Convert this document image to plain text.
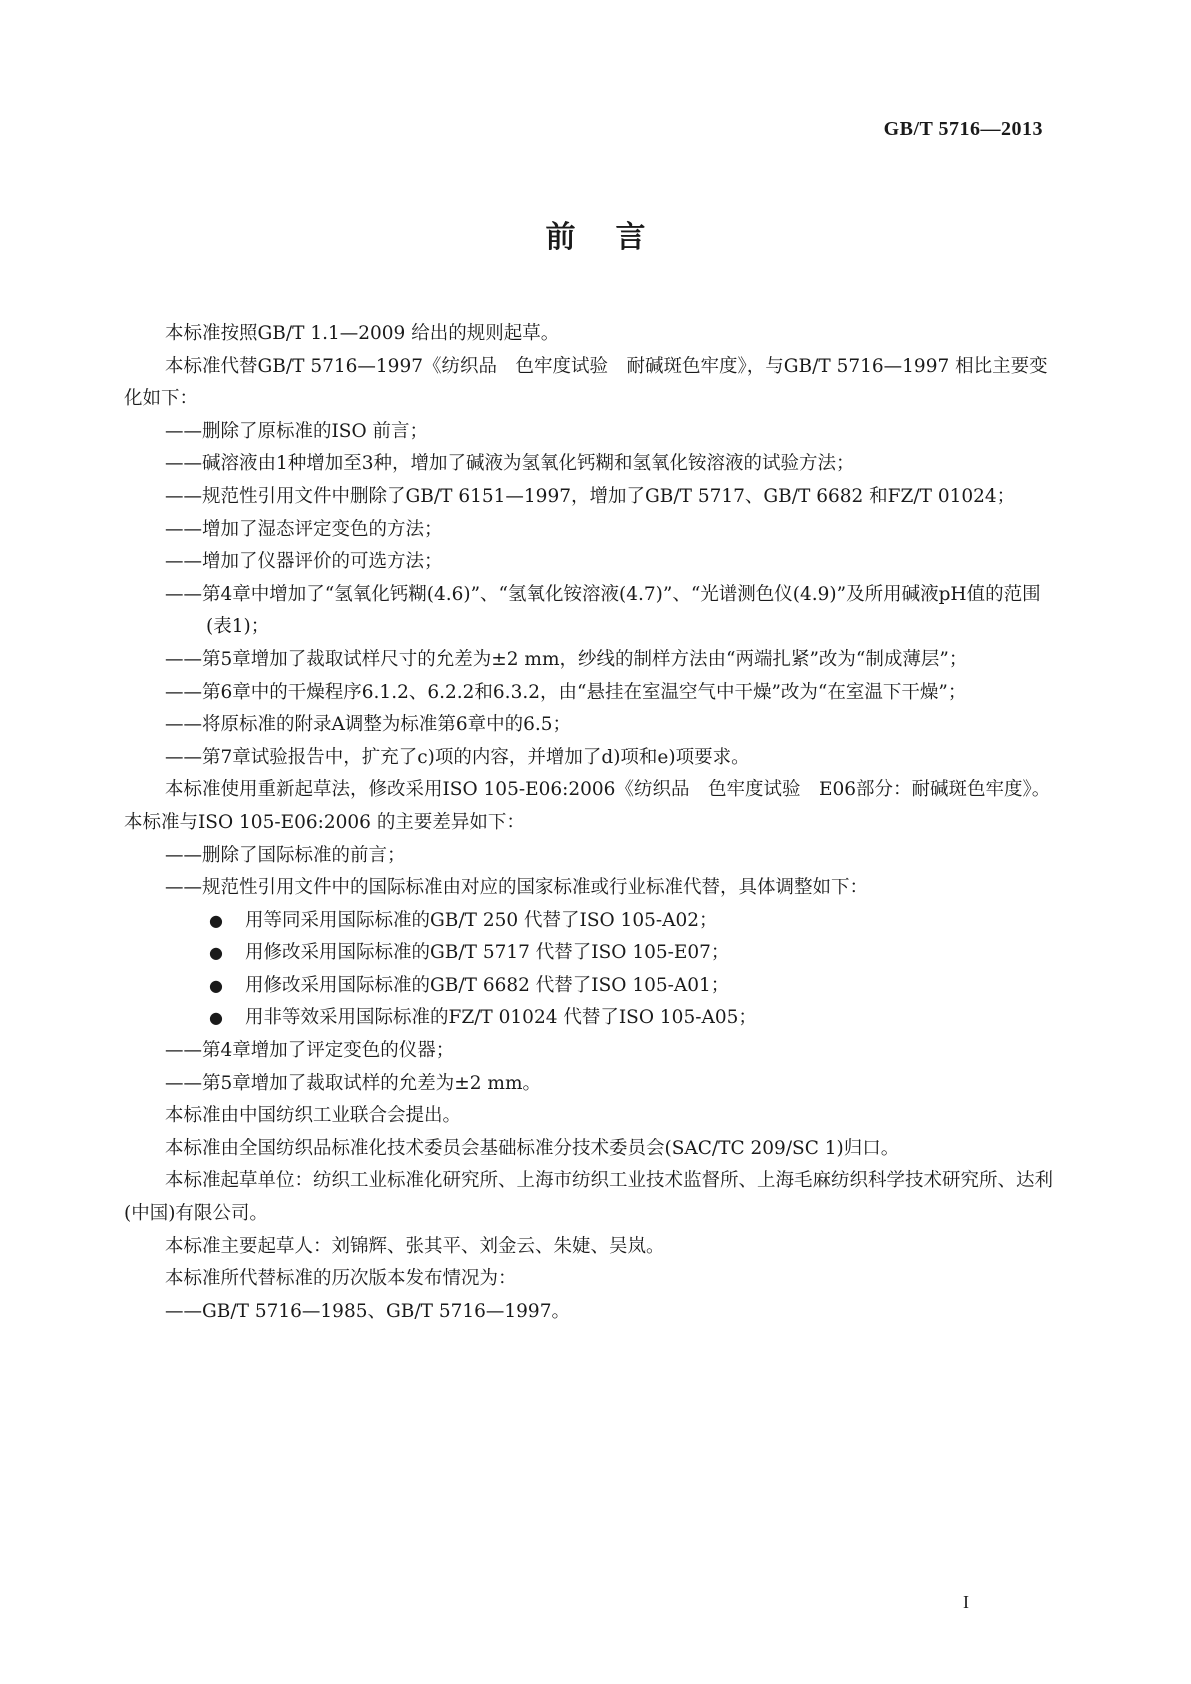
GB/T 5716—2013
前言

本标准按照GB/T 1.1—2009 给出的规则起草。

本标准代替GB/T 5716—1997《纺织品　色牢度试验　耐碱斑色牢度》，与GB/T 5716—1997 相比主要变化如下：

——删除了原标准的ISO 前言；

——碱溶液由1种增加至3种，增加了碱液为氢氧化钙糊和氢氧化铵溶液的试验方法；

——规范性引用文件中删除了GB/T 6151—1997，增加了GB/T 5717、GB/T 6682 和FZ/T 01024；

——增加了湿态评定变色的方法；

——增加了仪器评价的可选方法；

——第4章中增加了“氢氧化钙糊(4.6)”、“氢氧化铵溶液(4.7)”、“光谱测色仪(4.9)”及所用碱液pH值的范围(表1)；

——第5章增加了裁取试样尺寸的允差为±2 mm，纱线的制样方法由“两端扎紧”改为“制成薄层”；

——第6章中的干燥程序6.1.2、6.2.2和6.3.2，由“悬挂在室温空气中干燥”改为“在室温下干燥”；

——将原标准的附录A调整为标准第6章中的6.5；

——第7章试验报告中，扩充了c)项的内容，并增加了d)项和e)项要求。

本标准使用重新起草法，修改采用ISO 105-E06:2006《纺织品　色牢度试验　E06部分：耐碱斑色牢度》。本标准与ISO 105-E06:2006 的主要差异如下：

——删除了国际标准的前言；

——规范性引用文件中的国际标准由对应的国家标准或行业标准代替，具体调整如下：

● 用等同采用国际标准的GB/T 250 代替了ISO 105-A02；

● 用修改采用国际标准的GB/T 5717 代替了ISO 105-E07；

● 用修改采用国际标准的GB/T 6682 代替了ISO 105-A01；

● 用非等效采用国际标准的FZ/T 01024 代替了ISO 105-A05；

——第4章增加了评定变色的仪器；

——第5章增加了裁取试样的允差为±2 mm。

本标准由中国纺织工业联合会提出。

本标准由全国纺织品标准化技术委员会基础标准分技术委员会(SAC/TC 209/SC 1)归口。

本标准起草单位：纺织工业标准化研究所、上海市纺织工业技术监督所、上海毛麻纺织科学技术研究所、达利(中国)有限公司。

本标准主要起草人：刘锦辉、张其平、刘金云、朱婕、吴岚。

本标准所代替标准的历次版本发布情况为：

——GB/T 5716—1985、GB/T 5716—1997。

I
